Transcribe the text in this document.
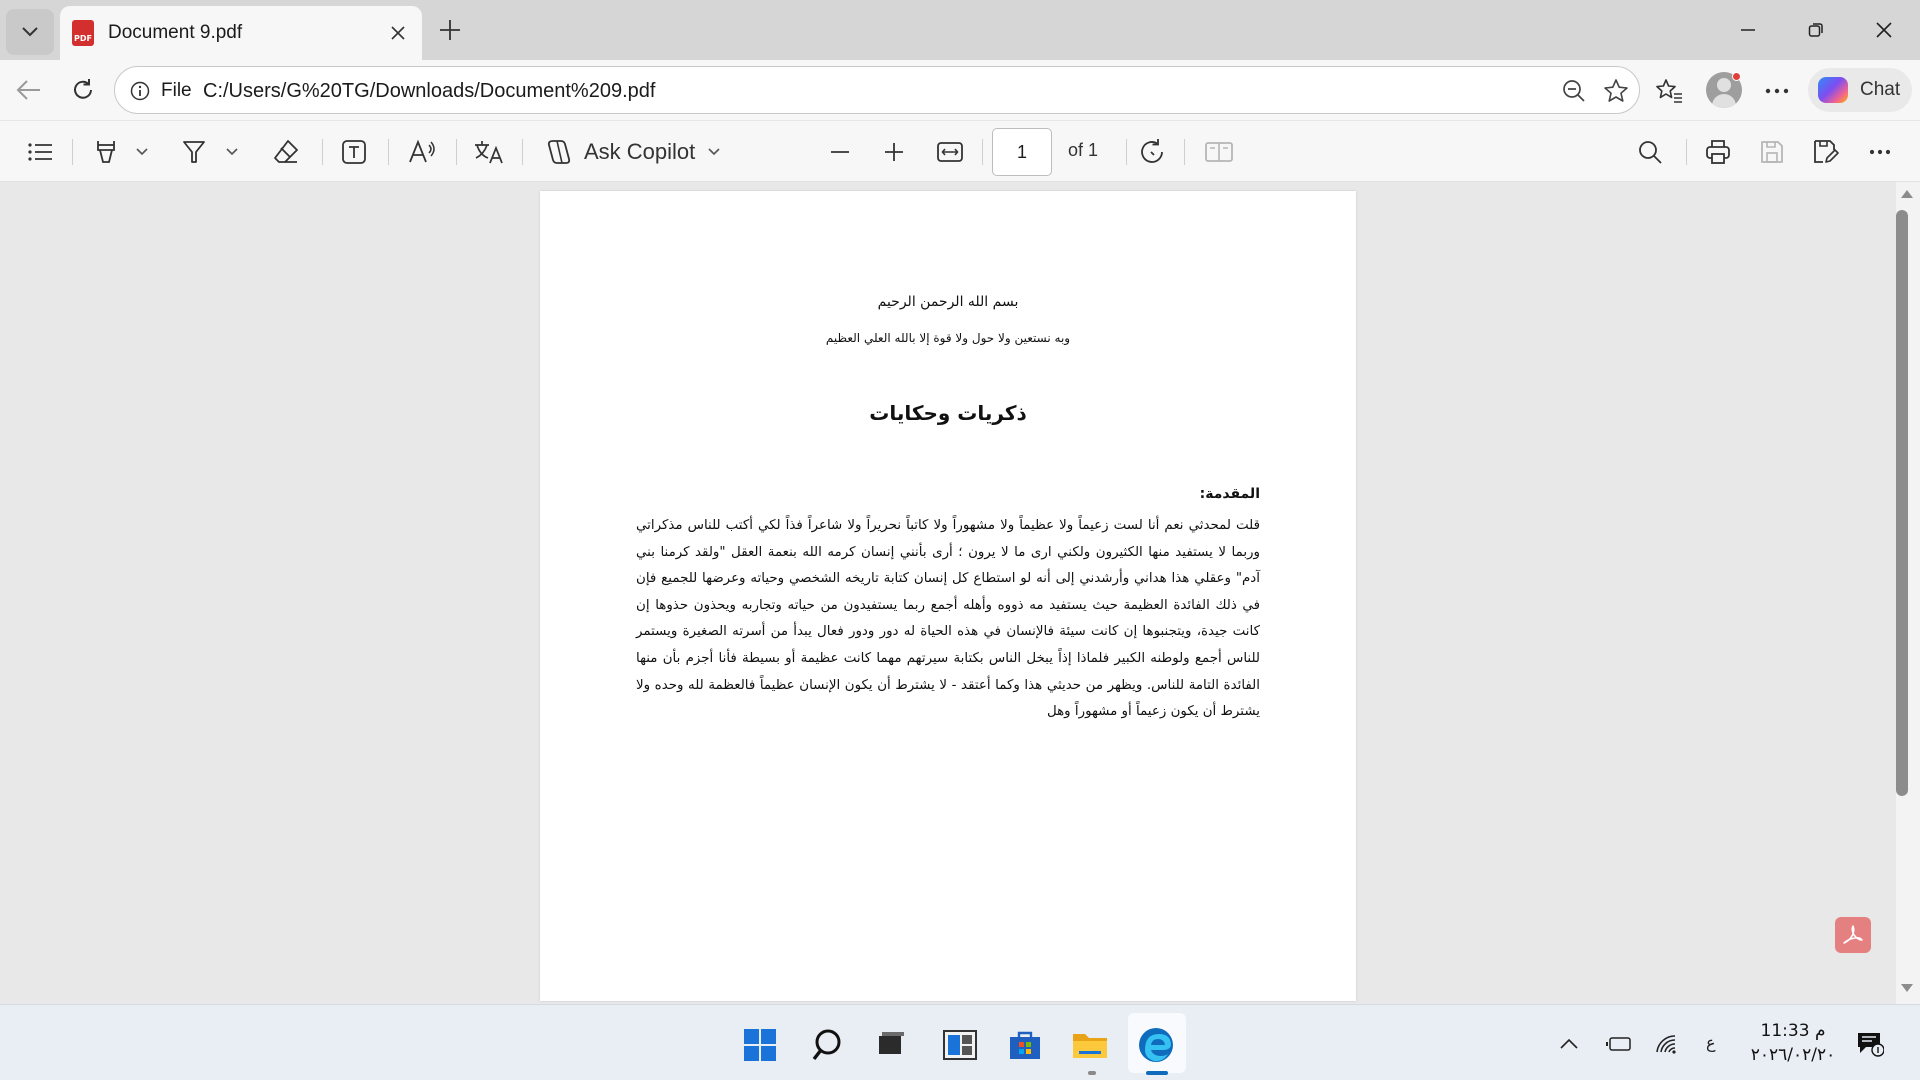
PDF Document 9.pdf
File C:/Users/G%20TG/Downloads/Document%209.pdf	Chat
Ask Copilot	1	of 1
بسم الله الرحمن الرحيم
وبه نستعين ولا حول ولا قوة إلا بالله العلي العظيم
ذكريات وحكايات
المقدمة:
قلت لمحدثي نعم أنا لست زعيماً ولا عظيماً ولا مشهوراً ولا كاتباً نحريراً ولا شاعراً فذاً لكي أكتب للناس مذكراتي وربما لا يستفيد منها الكثيرون ولكني ارى ما لا يرون ؛ أرى بأنني إنسان كرمه الله بنعمة العقل "ولقد كرمنا بني آدم" وعقلي هذا هداني وأرشدني إلى أنه لو استطاع كل إنسان كتابة تاريخه الشخصي وحياته وعرضها للجميع فإن في ذلك الفائدة العظيمة حيث يستفيد مه ذووه وأهله أجمع ربما يستفيدون من حياته وتجاربه ويحذون حذوها إن كانت جيدة، ويتجنبوها إن كانت سيئة فالإنسان في هذه الحياة له دور ودور فعال يبدأ من أسرته الصغيرة ويستمر للناس أجمع ولوطنه الكبير فلماذا إذاً يبخل الناس بكتابة سيرتهم مهما كانت عظيمة أو بسيطة فأنا أجزم بأن منها الفائدة التامة للناس. ويظهر من حديثي هذا وكما أعتقد - لا يشترط أن يكون الإنسان عظيماً فالعظمة لله وحده ولا يشترط أن يكون زعيماً أو مشهوراً وهل
ع
11:33 م
٢٠٢٦/٠٢/٢٠
